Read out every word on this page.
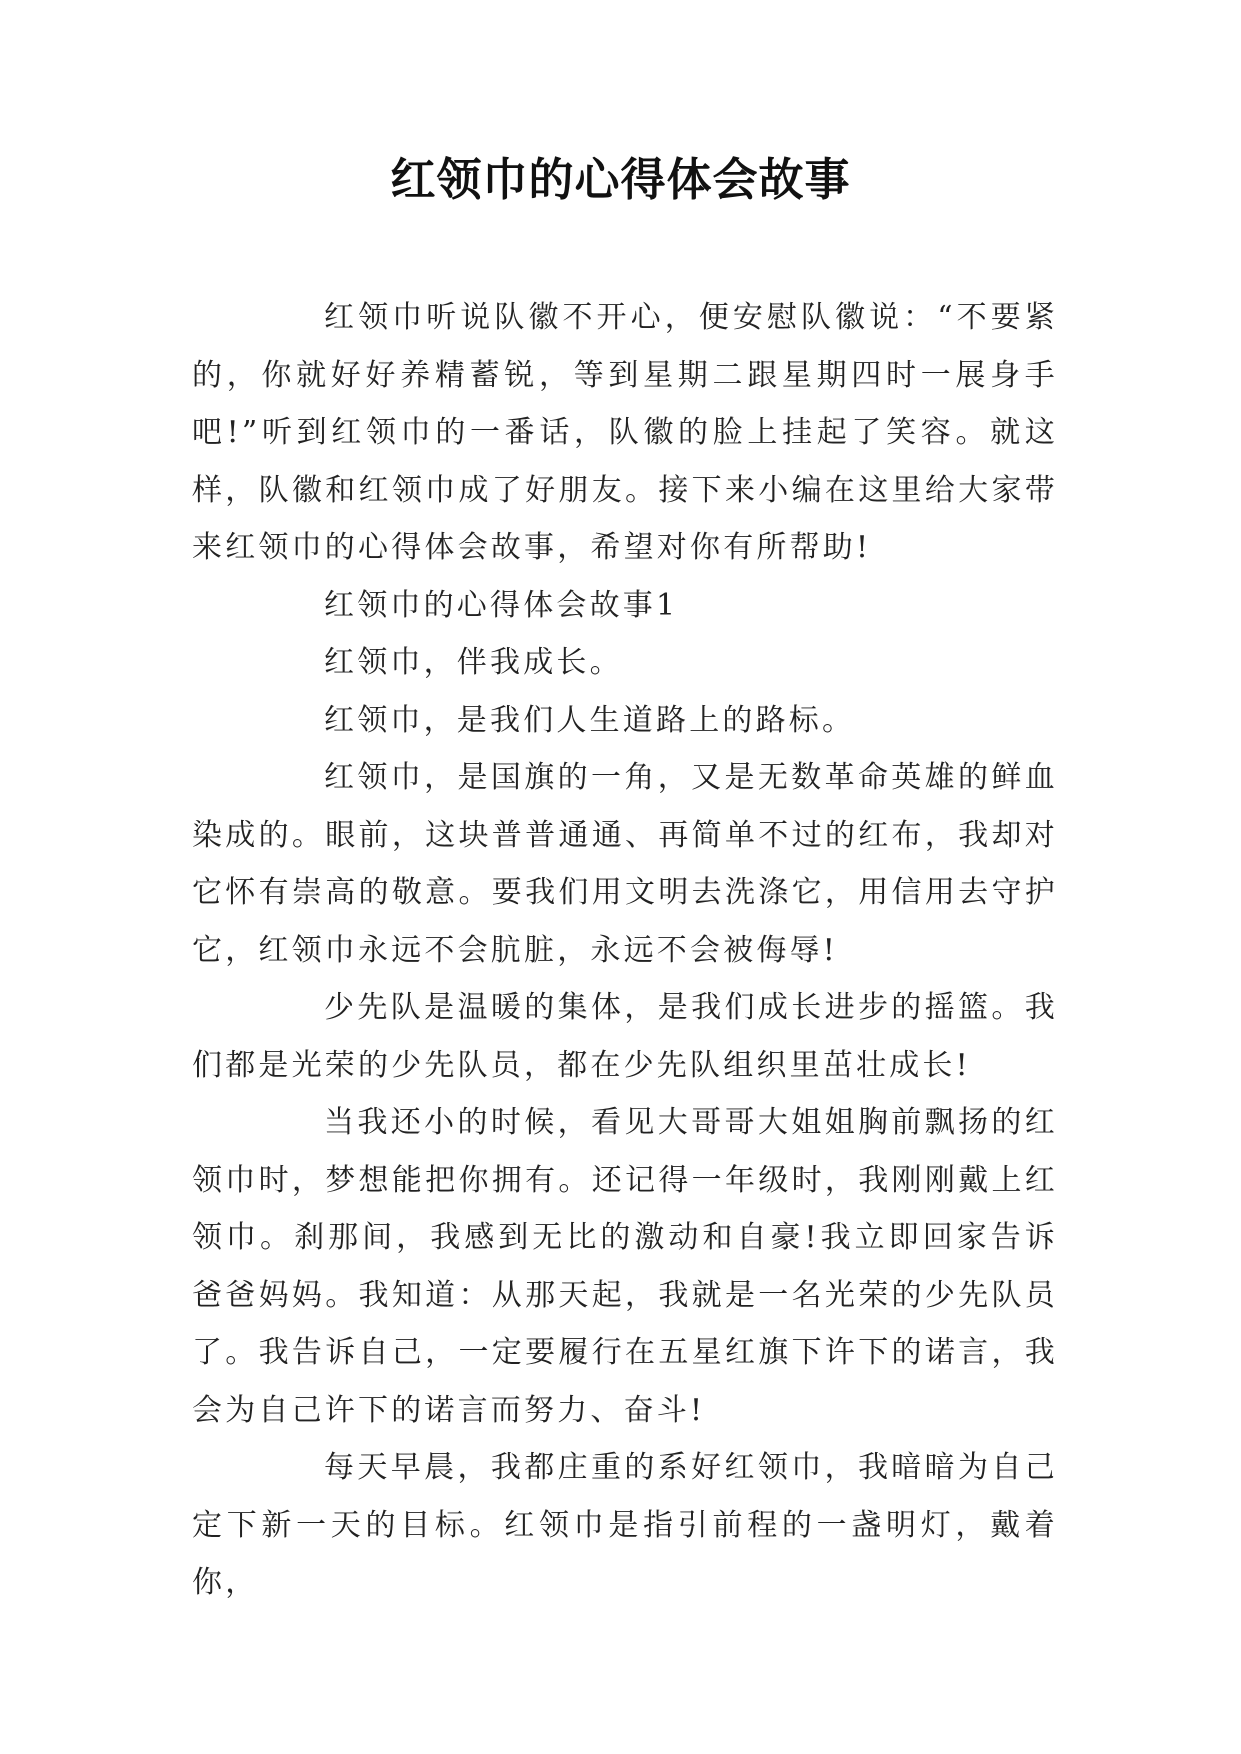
红领巾的心得体会故事

红领巾听说队徽不开心，便安慰队徽说：“不要紧的，你就好好养精蓄锐，等到星期二跟星期四时一展身手吧!”听到红领巾的一番话，队徽的脸上挂起了笑容。就这样，队徽和红领巾成了好朋友。接下来小编在这里给大家带来红领巾的心得体会故事，希望对你有所帮助!

红领巾的心得体会故事1

红领巾，伴我成长。

红领巾，是我们人生道路上的路标。

红领巾，是国旗的一角，又是无数革命英雄的鲜血染成的。眼前，这块普普通通、再简单不过的红布，我却对它怀有崇高的敬意。要我们用文明去洗涤它，用信用去守护它，红领巾永远不会肮脏，永远不会被侮辱!

少先队是温暖的集体，是我们成长进步的摇篮。我们都是光荣的少先队员，都在少先队组织里茁壮成长!

当我还小的时候，看见大哥哥大姐姐胸前飘扬的红领巾时，梦想能把你拥有。还记得一年级时，我刚刚戴上红领巾。刹那间，我感到无比的激动和自豪!我立即回家告诉爸爸妈妈。我知道：从那天起，我就是一名光荣的少先队员了。我告诉自己，一定要履行在五星红旗下许下的诺言，我会为自己许下的诺言而努力、奋斗!

每天早晨，我都庄重的系好红领巾，我暗暗为自己定下新一天的目标。红领巾是指引前程的一盏明灯，戴着你，
